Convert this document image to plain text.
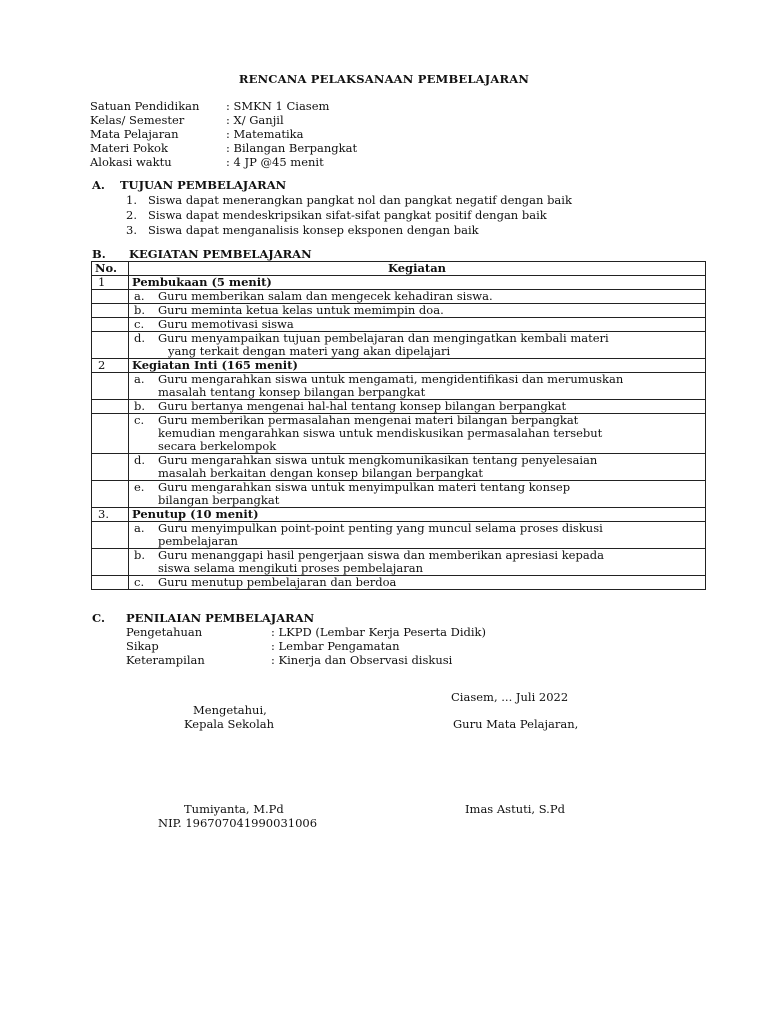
RENCANA PELAKSANAAN PEMBELAJARAN
Satuan Pendidikan	: SMKN 1 Ciasem
Kelas/ Semester	: X/ Ganjil
Mata Pelajaran	: Matematika
Materi Pokok	: Bilangan Berpangkat
Alokasi waktu	: 4 JP @45 menit
A.	TUJUAN PEMBELAJARAN
1. Siswa dapat menerangkan pangkat nol dan pangkat negatif dengan baik
2. Siswa dapat mendeskripsikan sifat-sifat pangkat positif dengan baik
3. Siswa dapat menganalisis konsep eksponen dengan baik
B.	KEGIATAN PEMBELAJARAN
No.	Kegiatan
1	Pembukaan (5 menit)

	a. Guru memberikan salam dan mengecek kehadiran siswa.

	b. Guru meminta ketua kelas untuk memimpin doa.

	c. Guru memotivasi siswa

	d. Guru menyampaikan tujuan pembelajaran dan mengingatkan kembali materi
yang terkait dengan materi yang akan dipelajari

2	Kegiatan Inti (165 menit)

	a. Guru mengarahkan siswa untuk mengamati, mengidentifikasi dan merumuskan
masalah tentang konsep bilangan berpangkat

	b. Guru bertanya mengenai hal-hal tentang konsep bilangan berpangkat

	c. Guru memberikan permasalahan mengenai materi bilangan berpangkat
kemudian mengarahkan siswa untuk mendiskusikan permasalahan tersebut
secara berkelompok

	d. Guru mengarahkan siswa untuk mengkomunikasikan tentang penyelesaian
masalah berkaitan dengan konsep bilangan berpangkat

	e. Guru mengarahkan siswa untuk menyimpulkan materi tentang konsep
bilangan berpangkat

3.	Penutup (10 menit)

	a. Guru menyimpulkan point-point penting yang muncul selama proses diskusi
pembelajaran

	b. Guru menanggapi hasil pengerjaan siswa dan memberikan apresiasi kepada
siswa selama mengikuti proses pembelajaran

	c. Guru menutup pembelajaran dan berdoa
C.	PENILAIAN PEMBELAJARAN
Pengetahuan	: LKPD (Lembar Kerja Peserta Didik)
Sikap	: Lembar Pengamatan
Keterampilan	: Kinerja dan Observasi diskusi
Ciasem, ... Juli 2022
Mengetahui,
Kepala Sekolah	Guru Mata Pelajaran,
Tumiyanta, M.Pd
NIP. 196707041990031006
Imas Astuti, S.Pd
